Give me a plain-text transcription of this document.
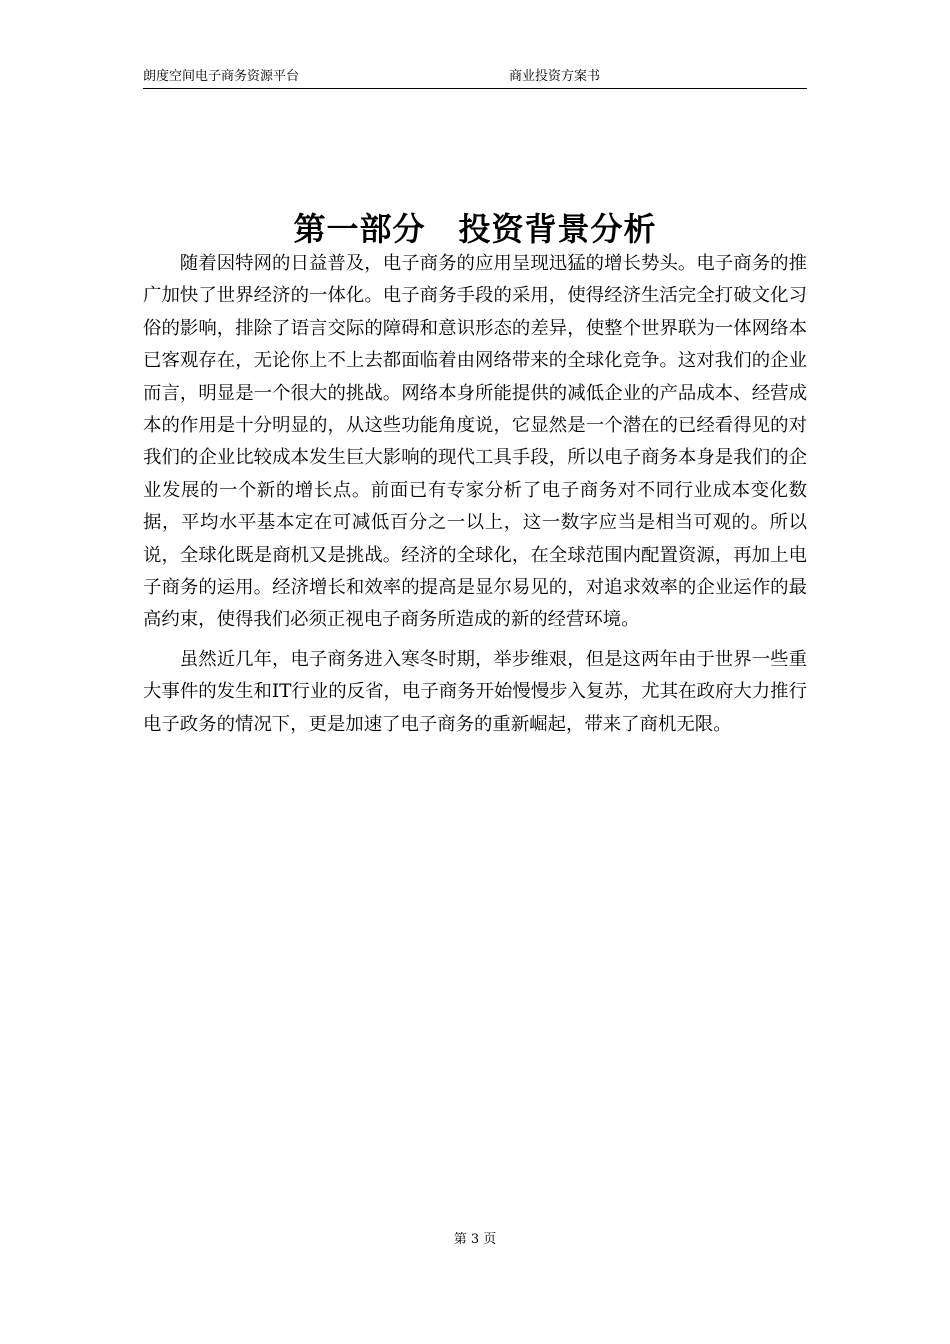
朗度空间电子商务资源平台	商业投资方案书
第一部分　投资背景分析

随着因特网的日益普及，电子商务的应用呈现迅猛的增长势头。电子商务的推广加快了世界经济的一体化。电子商务手段的采用，使得经济生活完全打破文化习俗的影响，排除了语言交际的障碍和意识形态的差异，使整个世界联为一体网络本已客观存在，无论你上不上去都面临着由网络带来的全球化竞争。这对我们的企业而言，明显是一个很大的挑战。网络本身所能提供的减低企业的产品成本、经营成本的作用是十分明显的，从这些功能角度说，它显然是一个潜在的已经看得见的对我们的企业比较成本发生巨大影响的现代工具手段，所以电子商务本身是我们的企业发展的一个新的增长点。前面已有专家分析了电子商务对不同行业成本变化数据，平均水平基本定在可减低百分之一以上，这一数字应当是相当可观的。所以说，全球化既是商机又是挑战。经济的全球化，在全球范围内配置资源，再加上电子商务的运用。经济增长和效率的提高是显尔易见的，对追求效率的企业运作的最高约束，使得我们必须正视电子商务所造成的新的经营环境。

虽然近几年，电子商务进入寒冬时期，举步维艰，但是这两年由于世界一些重大事件的发生和IT行业的反省，电子商务开始慢慢步入复苏，尤其在政府大力推行电子政务的情况下，更是加速了电子商务的重新崛起，带来了商机无限。

第 3 页
